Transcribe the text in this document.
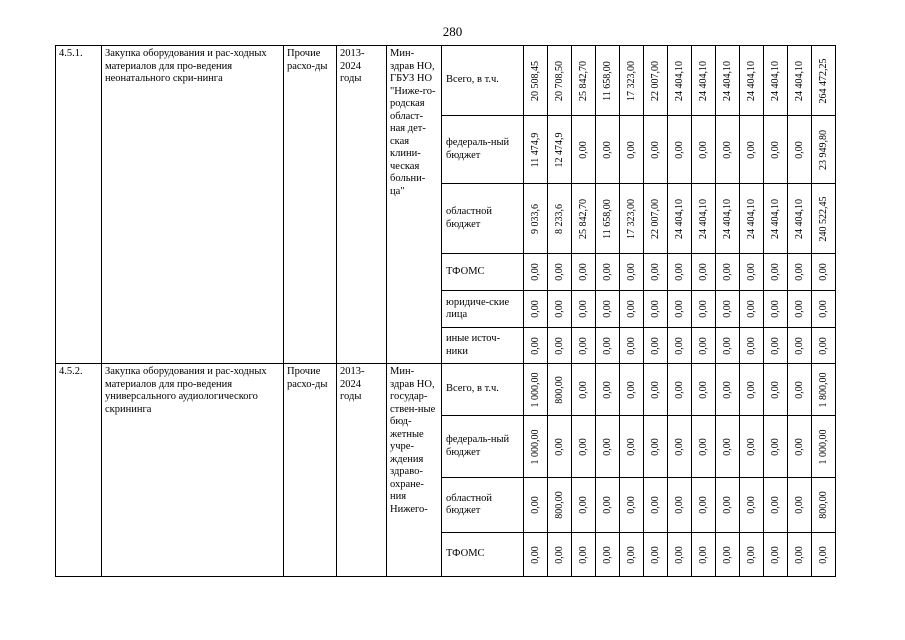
280
4.5.1.	Закупка оборудования и рас-ходных материалов для про-ведения неонатального скри-нинга	Прочие расхо-ды	2013-2024 годы	Мин-здрав НО, ГБУЗ НО "Ниже-го-родская област-ная дет-ская клини-ческая больни-ца"	Всего, в т.ч.	20 508,45	20 708,50	25 842,70	11 658,00	17 323,00	22 007,00	24 404,10	24 404,10	24 404,10	24 404,10	24 404,10	24 404,10	264 472,25

					федераль-ный бюджет	11 474,9	12 474,9	0,00	0,00	0,00	0,00	0,00	0,00	0,00	0,00	0,00	0,00	23 949,80

					областной бюджет	9 033,6	8 233,6	25 842,70	11 658,00	17 323,00	22 007,00	24 404,10	24 404,10	24 404,10	24 404,10	24 404,10	24 404,10	240 522,45

					ТФОМС	0,00	0,00	0,00	0,00	0,00	0,00	0,00	0,00	0,00	0,00	0,00	0,00	0,00

					юридиче-ские лица	0,00	0,00	0,00	0,00	0,00	0,00	0,00	0,00	0,00	0,00	0,00	0,00	0,00

					иные источ-ники	0,00	0,00	0,00	0,00	0,00	0,00	0,00	0,00	0,00	0,00	0,00	0,00	0,00

4.5.2.	Закупка оборудования и рас-ходных материалов для про-ведения универсального аудиологического скрининга	Прочие расхо-ды	2013-2024 годы	Мин-здрав НО, государ-ствен-ные бюд-жетные учре-ждения здраво-охране-ния Нижего-	Всего, в т.ч.	1 000,00	800,00	0,00	0,00	0,00	0,00	0,00	0,00	0,00	0,00	0,00	0,00	1 800,00

					федераль-ный бюджет	1 000,00	0,00	0,00	0,00	0,00	0,00	0,00	0,00	0,00	0,00	0,00	0,00	1 000,00

					областной бюджет	0,00	800,00	0,00	0,00	0,00	0,00	0,00	0,00	0,00	0,00	0,00	0,00	800,00

					ТФОМС	0,00	0,00	0,00	0,00	0,00	0,00	0,00	0,00	0,00	0,00	0,00	0,00	0,00
